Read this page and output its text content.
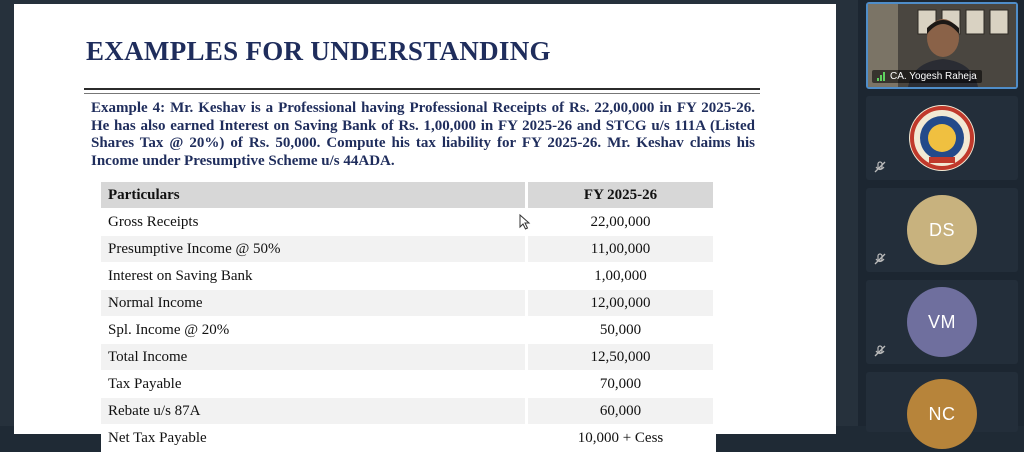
EXAMPLES FOR UNDERSTANDING
Example 4: Mr. Keshav is a Professional having Professional Receipts of Rs. 22,00,000 in FY 2025-26. He has also earned Interest on Saving Bank of Rs. 1,00,000 in FY 2025-26 and STCG u/s 111A (Listed Shares Tax @ 20%) of Rs. 50,000. Compute his tax liability for FY 2025-26. Mr. Keshav claims his Income under Presumptive Scheme u/s 44ADA.
Particulars	FY 2025-26
Gross Receipts	22,00,000
Presumptive Income @ 50%	11,00,000
Interest on Saving Bank	1,00,000
Normal Income	12,00,000
Spl. Income @ 20%	50,000
Total Income	12,50,000
Tax Payable	70,000
Rebate u/s 87A	60,000
Net Tax Payable	10,000 + Cess
CA. Yogesh Raheja
DS
VM
NC
